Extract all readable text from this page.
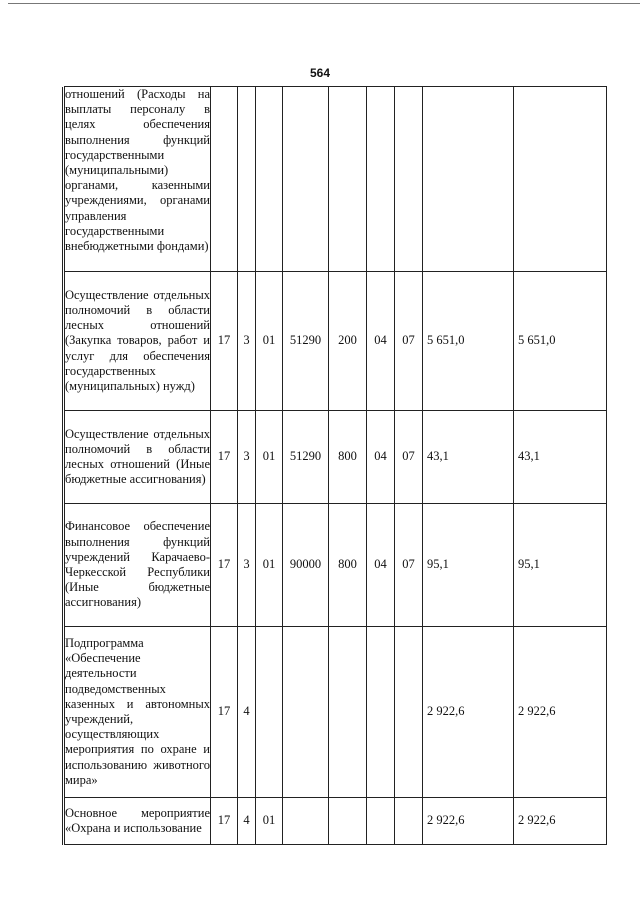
564

	отношений (Расходы на выплаты персоналу в целях обеспечения выполнения функций государственными (муниципальными) органами, казенными учреждениями, органами управления государственными внебюджетными фондами)									

	Осуществление отдельных полномочий в области лесных отношений (Закупка товаров, работ и услуг для обеспечения государственных (муниципальных) нужд)	17	3	01	51290	200	04	07	5 651,0	5 651,0

	Осуществление отдельных полномочий в области лесных отношений (Иные бюджетные ассигнования)	17	3	01	51290	800	04	07	43,1	43,1

	Финансовое обеспечение выполнения функций учреждений Карачаево-Черкесской Республики (Иные бюджетные ассигнования)	17	3	01	90000	800	04	07	95,1	95,1

	Подпрограмма «Обеспечение деятельности подведомственных казенных и автономных учреждений, осуществляющих мероприятия по охране и использованию животного мира»	17	4						2 922,6	2 922,6

	Основное мероприятие «Охрана и использование	17	4	01					2 922,6	2 922,6
